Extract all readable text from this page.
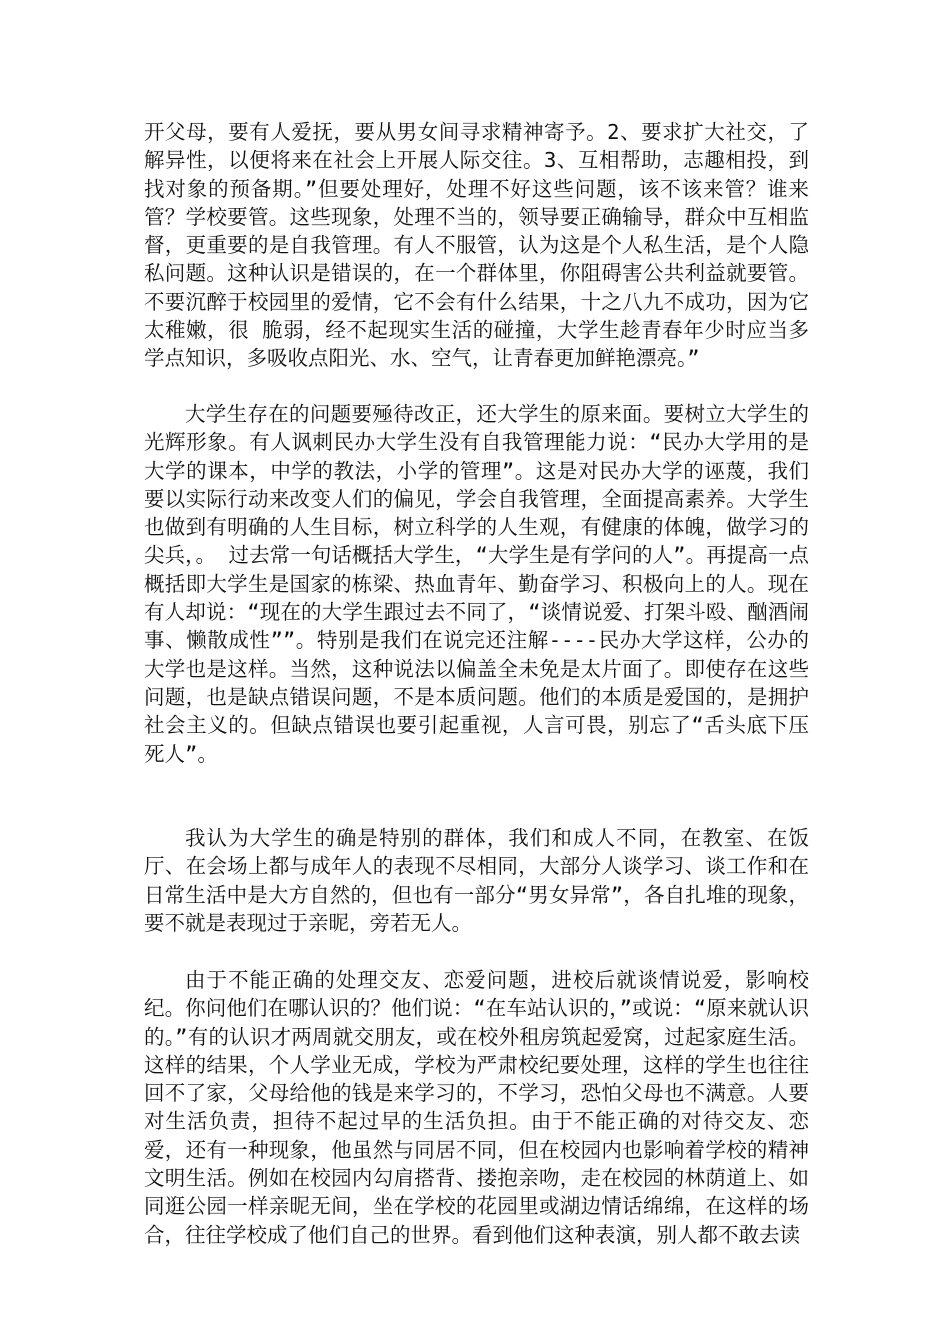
开父母，要有人爱抚，要从男女间寻求精神寄予。2、要求扩大社交，了解异性，以便将来在社会上开展人际交往。3、互相帮助，志趣相投，到找对象的预备期。”但要处理好，处理不好这些问题，该不该来管？谁来管？学校要管。这些现象，处理不当的，领导要正确输导，群众中互相监督，更重要的是自我管理。有人不服管，认为这是个人私生活，是个人隐私问题。这种认识是错误的，在一个群体里，你阻碍害公共利益就要管。不要沉醉于校园里的爱情，它不会有什么结果，十之八九不成功，因为它太稚嫩，很 脆弱，经不起现实生活的碰撞，大学生趁青春年少时应当多学点知识，多吸收点阳光、水、空气，让青春更加鲜艳漂亮。”

大学生存在的问题要殛待改正，还大学生的原来面。要树立大学生的光辉形象。有人讽刺民办大学生没有自我管理能力说：“民办大学用的是大学的课本，中学的教法，小学的管理”。这是对民办大学的诬蔑，我们要以实际行动来改变人们的偏见，学会自我管理，全面提高素养。大学生也做到有明确的人生目标，树立科学的人生观，有健康的体魄，做学习的尖兵，。 过去常一句话概括大学生，“大学生是有学问的人”。再提高一点概括即大学生是国家的栋梁、热血青年、勤奋学习、积极向上的人。现在有人却说：“现在的大学生跟过去不同了，“谈情说爱、打架斗殴、酗酒闹事、懒散成性””。特别是我们在说完还注解----民办大学这样，公办的大学也是这样。当然，这种说法以偏盖全未免是太片面了。即使存在这些问题，也是缺点错误问题，不是本质问题。他们的本质是爱国的，是拥护社会主义的。但缺点错误也要引起重视，人言可畏，别忘了“舌头底下压死人”。

我认为大学生的确是特别的群体，我们和成人不同，在教室、在饭厅、在会场上都与成年人的表现不尽相同，大部分人谈学习、谈工作和在日常生活中是大方自然的，但也有一部分“男女异常”，各自扎堆的现象，要不就是表现过于亲昵，旁若无人。

由于不能正确的处理交友、恋爱问题，进校后就谈情说爱，影响校纪。你问他们在哪认识的？他们说：“在车站认识的，”或说：“原来就认识的。”有的认识才两周就交朋友，或在校外租房筑起爱窝，过起家庭生活。这样的结果，个人学业无成，学校为严肃校纪要处理，这样的学生也往往回不了家，父母给他的钱是来学习的，不学习，恐怕父母也不满意。人要对生活负责，担待不起过早的生活负担。由于不能正确的对待交友、恋爱，还有一种现象，他虽然与同居不同，但在校园内也影响着学校的精神文明生活。例如在校园内勾肩搭背、搂抱亲吻，走在校园的林荫道上、如同逛公园一样亲昵无间，坐在学校的花园里或湖边情话绵绵，在这样的场合，往往学校成了他们自己的世界。看到他们这种表演，别人都不敢去读
